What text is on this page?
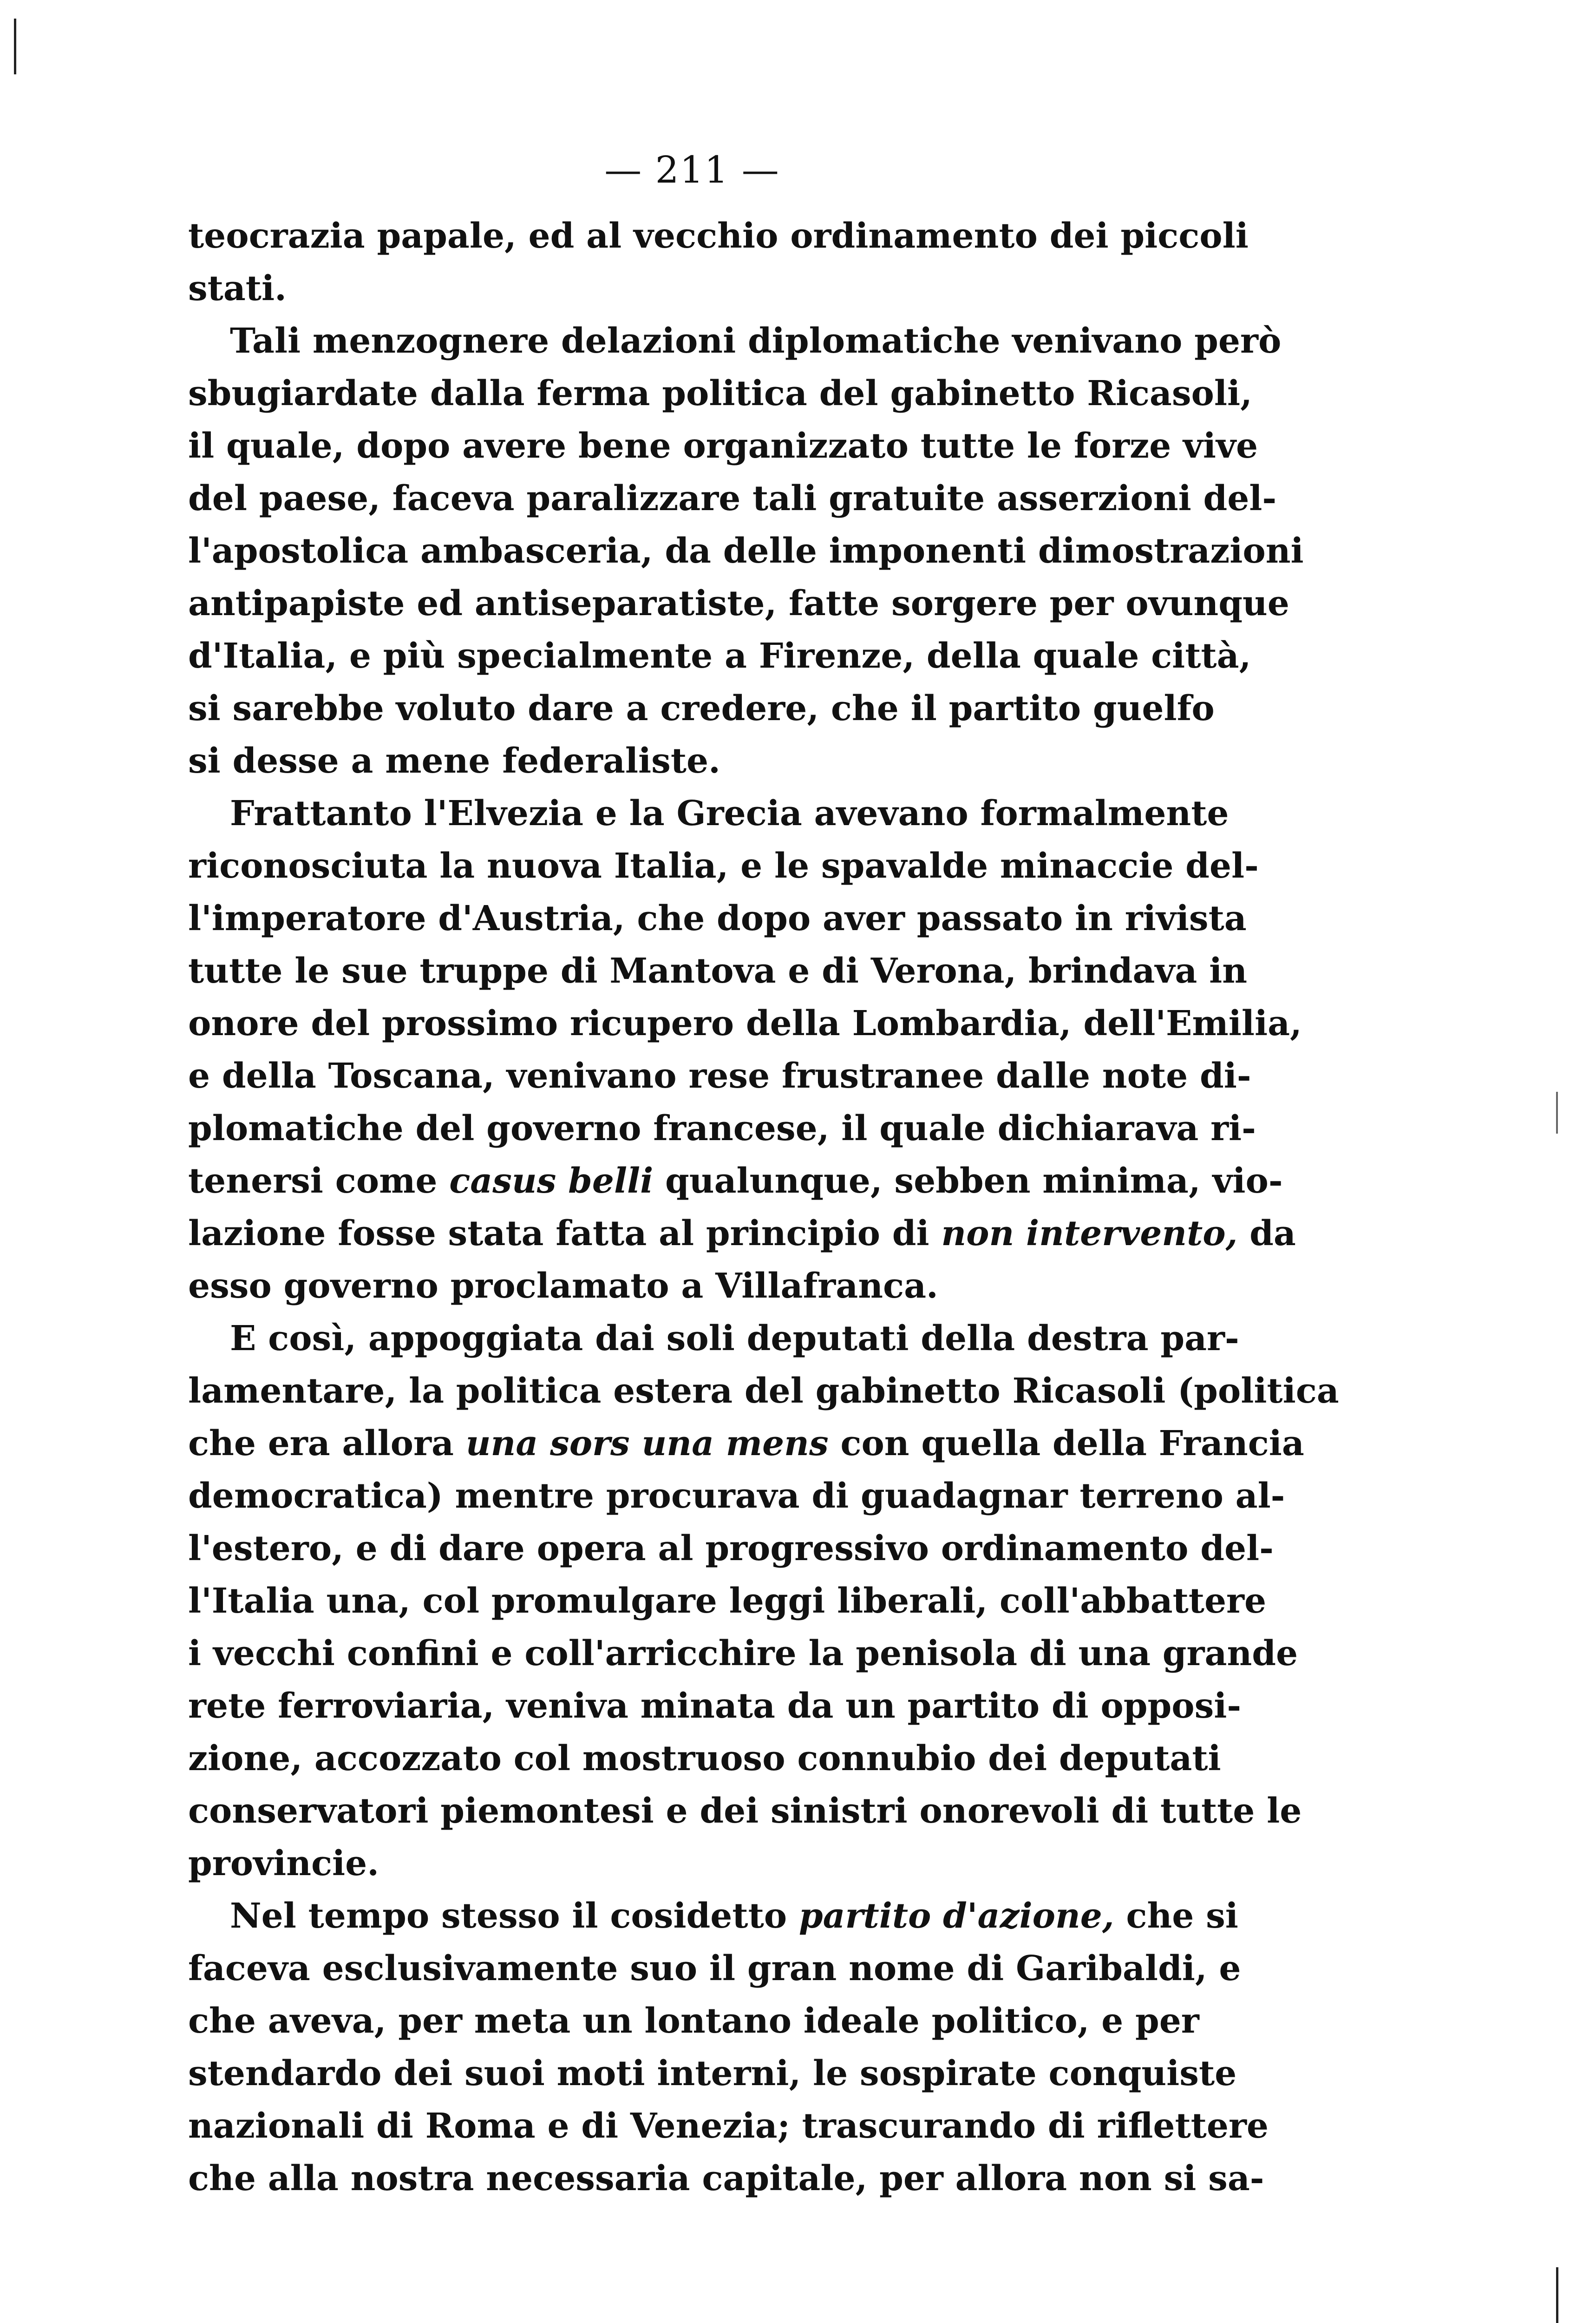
— 211 —
teocrazia papale, ed al vecchio ordinamento dei piccoli
stati.
Tali menzognere delazioni diplomatiche venivano però
sbugiardate dalla ferma politica del gabinetto Ricasoli,
il quale, dopo avere bene organizzato tutte le forze vive
del paese, faceva paralizzare tali gratuite asserzioni del-
l'apostolica ambasceria, da delle imponenti dimostrazioni
antipapiste ed antiseparatiste, fatte sorgere per ovunque
d'Italia, e più specialmente a Firenze, della quale città,
si sarebbe voluto dare a credere, che il partito guelfo
si desse a mene federaliste.
Frattanto l'Elvezia e la Grecia avevano formalmente
riconosciuta la nuova Italia, e le spavalde minaccie del-
l'imperatore d'Austria, che dopo aver passato in rivista
tutte le sue truppe di Mantova e di Verona, brindava in
onore del prossimo ricupero della Lombardia, dell'Emilia,
e della Toscana, venivano rese frustranee dalle note di-
plomatiche del governo francese, il quale dichiarava ri-
tenersi come casus belli qualunque, sebben minima, vio-
lazione fosse stata fatta al principio di non intervento, da
esso governo proclamato a Villafranca.
E così, appoggiata dai soli deputati della destra par-
lamentare, la politica estera del gabinetto Ricasoli (politica
che era allora una sors una mens con quella della Francia
democratica) mentre procurava di guadagnar terreno al-
l'estero, e di dare opera al progressivo ordinamento del-
l'Italia una, col promulgare leggi liberali, coll'abbattere
i vecchi confini e coll'arricchire la penisola di una grande
rete ferroviaria, veniva minata da un partito di opposi-
zione, accozzato col mostruoso connubio dei deputati
conservatori piemontesi e dei sinistri onorevoli di tutte le
provincie.
Nel tempo stesso il cosidetto partito d'azione, che si
faceva esclusivamente suo il gran nome di Garibaldi, e
che aveva, per meta un lontano ideale politico, e per
stendardo dei suoi moti interni, le sospirate conquiste
nazionali di Roma e di Venezia; trascurando di riflettere
che alla nostra necessaria capitale, per allora non si sa-
